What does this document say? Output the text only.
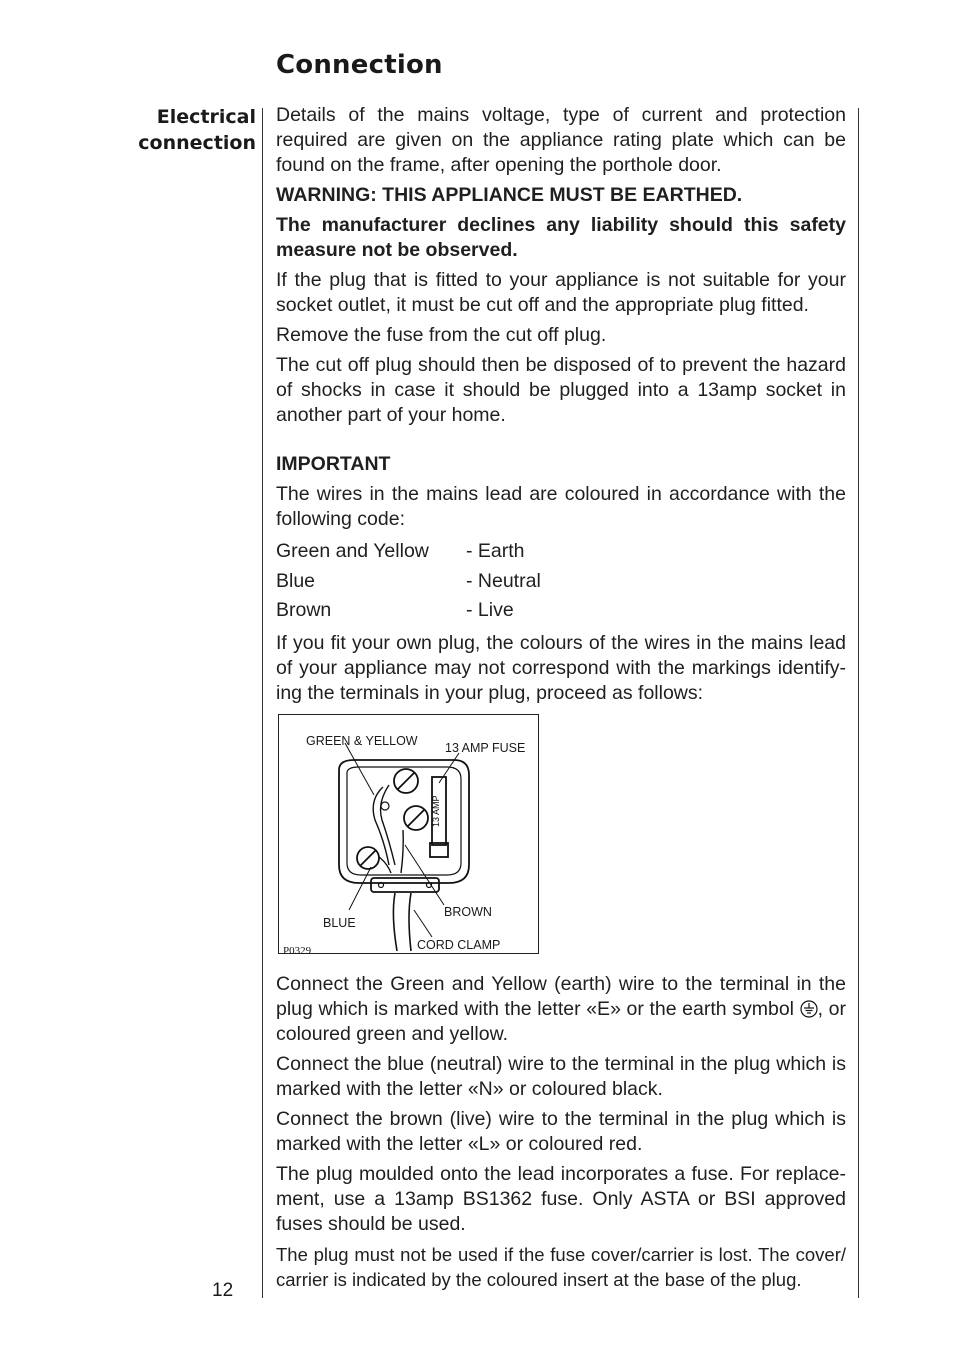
Connection
Electrical
connection

Details of the mains voltage, type of current and protection required are given on the appliance rating plate which can be found on the frame, after opening the porthole door.

WARNING: THIS APPLIANCE MUST BE EARTHED.

The manufacturer declines any liability should this safety measure not be observed.

If the plug that is fitted to your appliance is not suitable for your socket outlet, it must be cut off and the appropriate plug fitted.

Remove the fuse from the cut off plug.

The cut off plug should then be disposed of to prevent the hazard of shocks in case it should be plugged into a 13amp socket in another part of your home.

IMPORTANT

The wires in the mains lead are coloured in accordance with the following code:

Green and Yellow	- Earth
Blue	- Neutral
Brown	- Live

If you fit your own plug, the colours of the wires in the mains lead of your appliance may not correspond with the markings identify-ing the terminals in your plug, proceed as follows:

13 AMP
GREEN & YELLOW 13 AMP FUSE
BLUE
BROWN
CORD CLAMP
P0329

Connect the Green and Yellow (earth) wire to the terminal in the plug which is marked with the letter «E» or the earth symbol , or coloured green and yellow.

Connect the blue (neutral) wire to the terminal in the plug which is marked with the letter «N» or coloured black.

Connect the brown (live) wire to the terminal in the plug which is marked with the letter «L» or coloured red.

The plug moulded onto the lead incorporates a fuse. For replace-ment, use a 13amp BS1362 fuse. Only ASTA or BSI approved fuses should be used.

The plug must not be used if the fuse cover/carrier is lost. The cover/ carrier is indicated by the coloured insert at the base of the plug.

12
